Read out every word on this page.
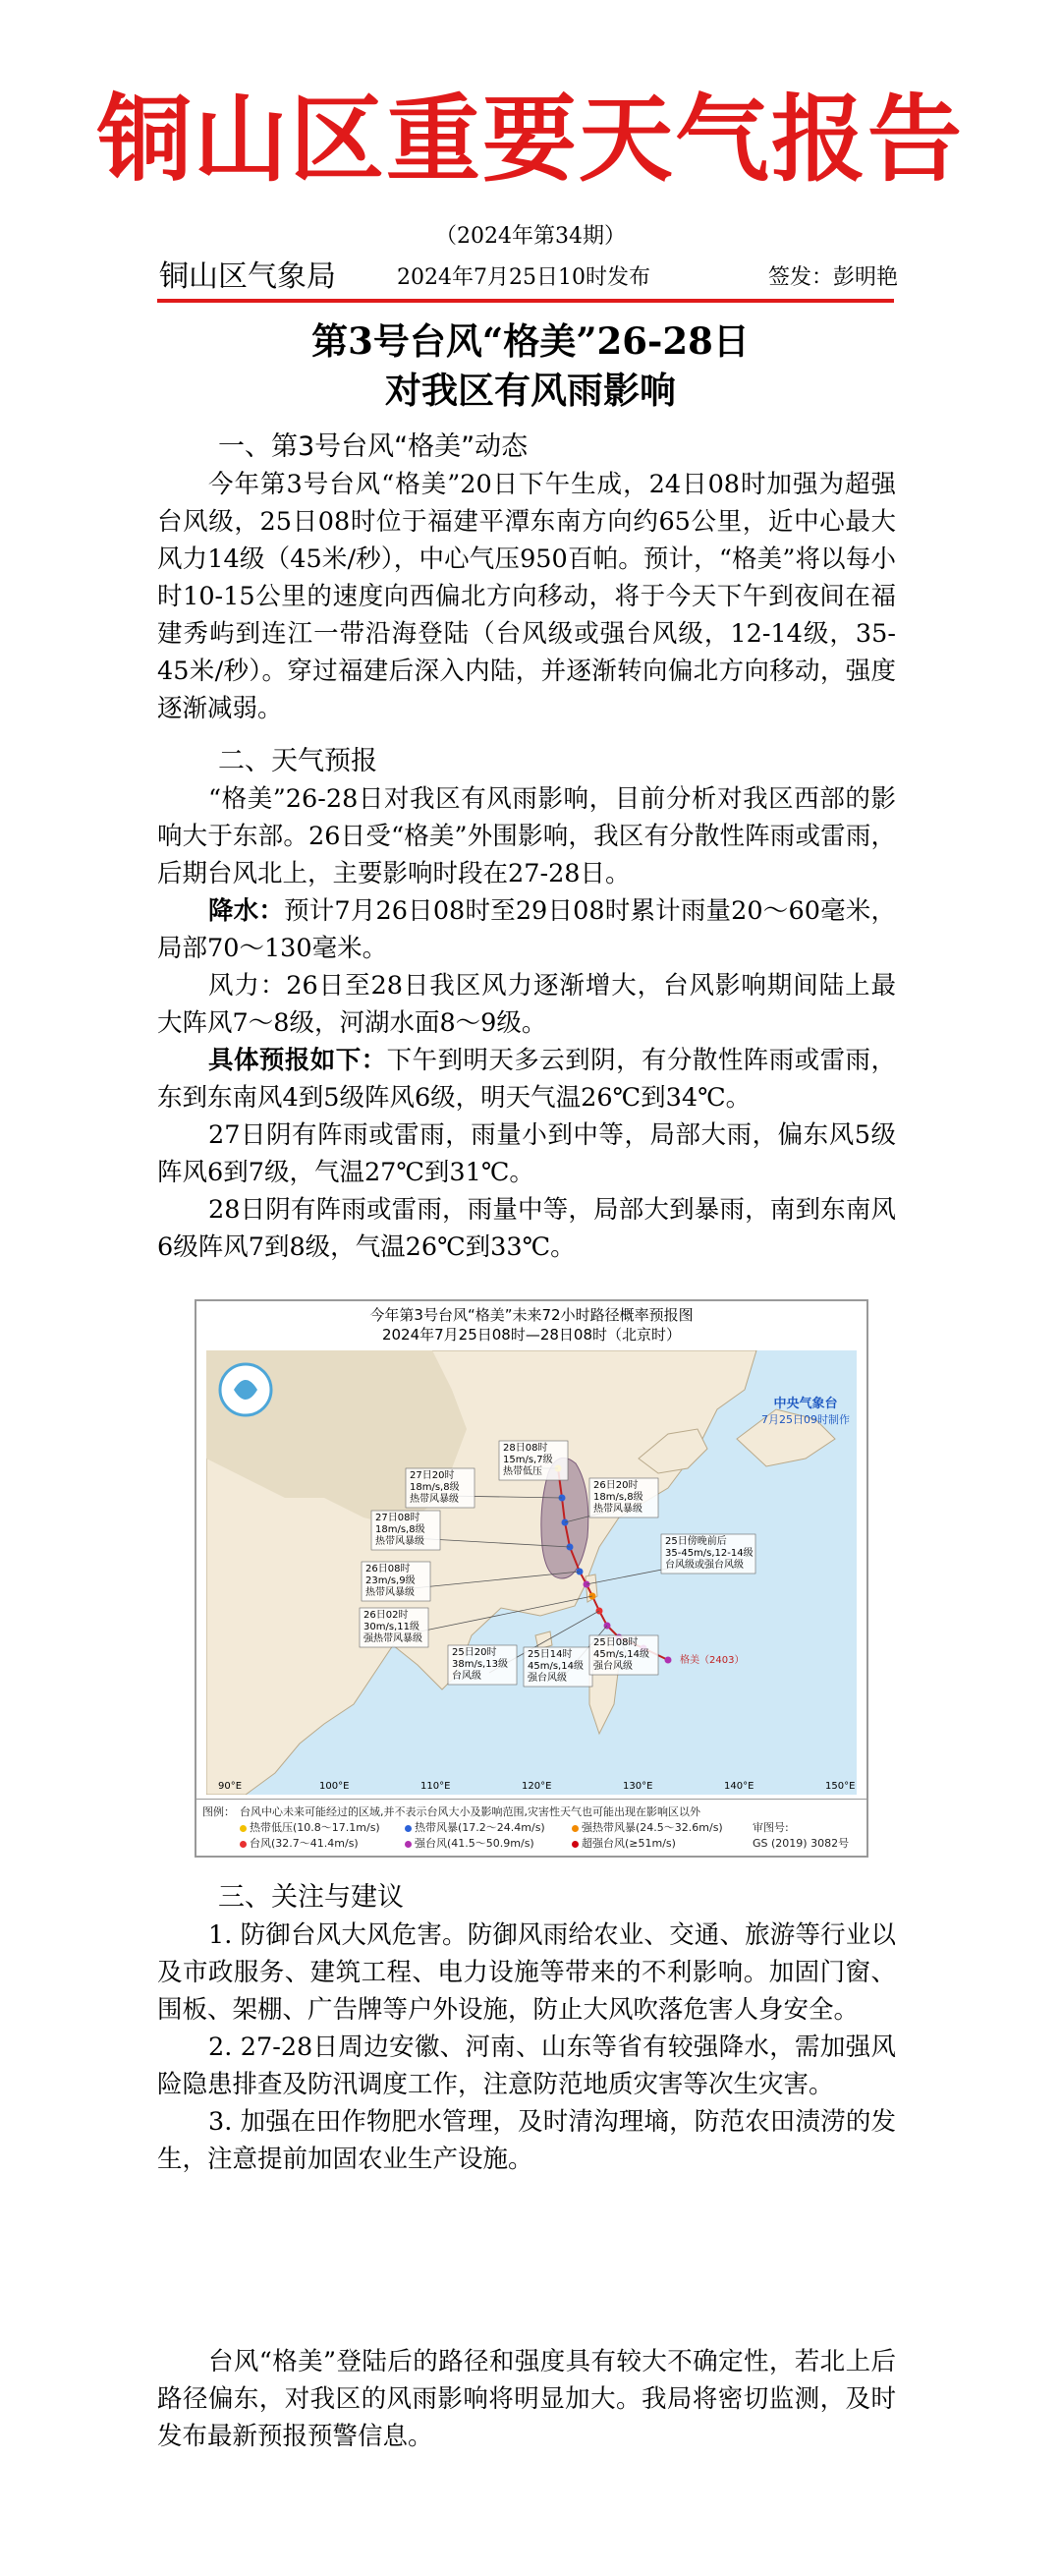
铜山区重要天气报告
（2024年第34期）
铜山区气象局	2024年7月25日10时发布	签发：彭明艳
第3号台风“格美”26-28日
对我区有风雨影响

一、第3号台风“格美”动态

今年第3号台风“格美”20日下午生成，24日08时加强为超强台风级，25日08时位于福建平潭东南方向约65公里，近中心最大风力14级（45米/秒），中心气压950百帕。预计，“格美”将以每小时10-15公里的速度向西偏北方向移动，将于今天下午到夜间在福建秀屿到连江一带沿海登陆（台风级或强台风级，12-14级，35-45米/秒）。穿过福建后深入内陆，并逐渐转向偏北方向移动，强度逐渐减弱。

二、天气预报

“格美”26-28日对我区有风雨影响，目前分析对我区西部的影响大于东部。26日受“格美”外围影响，我区有分散性阵雨或雷雨，后期台风北上，主要影响时段在27-28日。

降水：预计7月26日08时至29日08时累计雨量20～60毫米，局部70～130毫米。

风力：26日至28日我区风力逐渐增大，台风影响期间陆上最大阵风7～8级，河湖水面8～9级。

具体预报如下：下午到明天多云到阴，有分散性阵雨或雷雨，东到东南风4到5级阵风6级，明天气温26℃到34℃。

27日阴有阵雨或雷雨，雨量小到中等，局部大雨，偏东风5级阵风6到7级，气温27℃到31℃。

28日阴有阵雨或雷雨，雨量中等，局部大到暴雨，南到东南风6级阵风7到8级，气温26℃到33℃。

今年第3号台风“格美”未来72小时路径概率预报图
2024年7月25日08时—28日08时（北京时）
28日08时
15m/s,7级
热带低压
27日20时
18m/s,8级
热带风暴级
26日20时
18m/s,8级
热带风暴级
27日08时
18m/s,8级
热带风暴级	25日傍晚前后
35-45m/s,12-14级
台风级或强台风级
26日08时
23m/s,9级
热带风暴级
26日02时
30m/s,11级
强热带风暴级
25日20时
38m/s,13级
台风级
25日14时
45m/s,14级
强台风级
25日08时
45m/s,14级
强台风级
中央气象台
7月25日09时制作
格美（2403）
90°E	100°E	110°E	120°E	130°E	140°E	150°E
图例： 台风中心未来可能经过的区域,并不表示台风大小及影响范围,灾害性天气也可能出现在影响区以外
热带低压(10.8～17.1m/s)	热带风暴(17.2～24.4m/s)	强热带风暴(24.5～32.6m/s)
台风(32.7～41.4m/s)	强台风(41.5～50.9m/s)	超强台风(≥51m/s)
审图号:
GS (2019) 3082号

三、关注与建议

1. 防御台风大风危害。防御风雨给农业、交通、旅游等行业以及市政服务、建筑工程、电力设施等带来的不利影响。加固门窗、围板、架棚、广告牌等户外设施，防止大风吹落危害人身安全。

2. 27-28日周边安徽、河南、山东等省有较强降水，需加强风险隐患排查及防汛调度工作，注意防范地质灾害等次生灾害。

3. 加强在田作物肥水管理，及时清沟理墒，防范农田渍涝的发生，注意提前加固农业生产设施。

台风“格美”登陆后的路径和强度具有较大不确定性，若北上后路径偏东，对我区的风雨影响将明显加大。我局将密切监测，及时发布最新预报预警信息。
